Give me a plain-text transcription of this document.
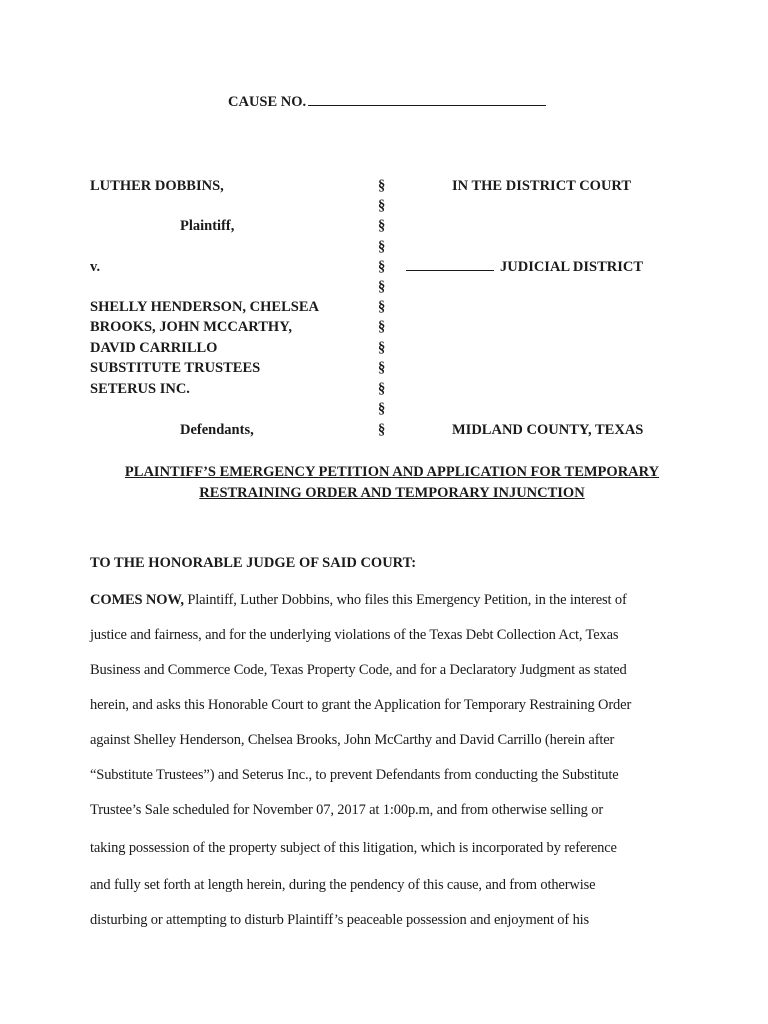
CAUSE NO.
LUTHER DOBBINS,
Plaintiff,
v.
SHELLY HENDERSON, CHELSEA
BROOKS, JOHN MCCARTHY,
DAVID CARRILLO
SUBSTITUTE TRUSTEES
SETERUS INC.
Defendants,
§
§
§
§
§
§
§
§
§
§
§
§
§
IN THE DISTRICT COURT
JUDICIAL DISTRICT
MIDLAND COUNTY, TEXAS
PLAINTIFF’S EMERGENCY PETITION AND APPLICATION FOR TEMPORARY
RESTRAINING ORDER AND TEMPORARY INJUNCTION
TO THE HONORABLE JUDGE OF SAID COURT:
COMES NOW, Plaintiff, Luther Dobbins, who files this Emergency Petition, in the interest of
justice and fairness, and for the underlying violations of the Texas Debt Collection Act, Texas
Business and Commerce Code, Texas Property Code, and for a Declaratory Judgment as stated
herein, and asks this Honorable Court to grant the Application for Temporary Restraining Order
against Shelley Henderson, Chelsea Brooks, John McCarthy and David Carrillo (herein after
“Substitute Trustees”) and Seterus Inc., to prevent Defendants from conducting the Substitute
Trustee’s Sale scheduled for November 07, 2017 at 1:00p.m, and from otherwise selling or
taking possession of the property subject of this litigation, which is incorporated by reference
and fully set forth at length herein, during the pendency of this cause, and from otherwise
disturbing or attempting to disturb Plaintiff’s peaceable possession and enjoyment of his
